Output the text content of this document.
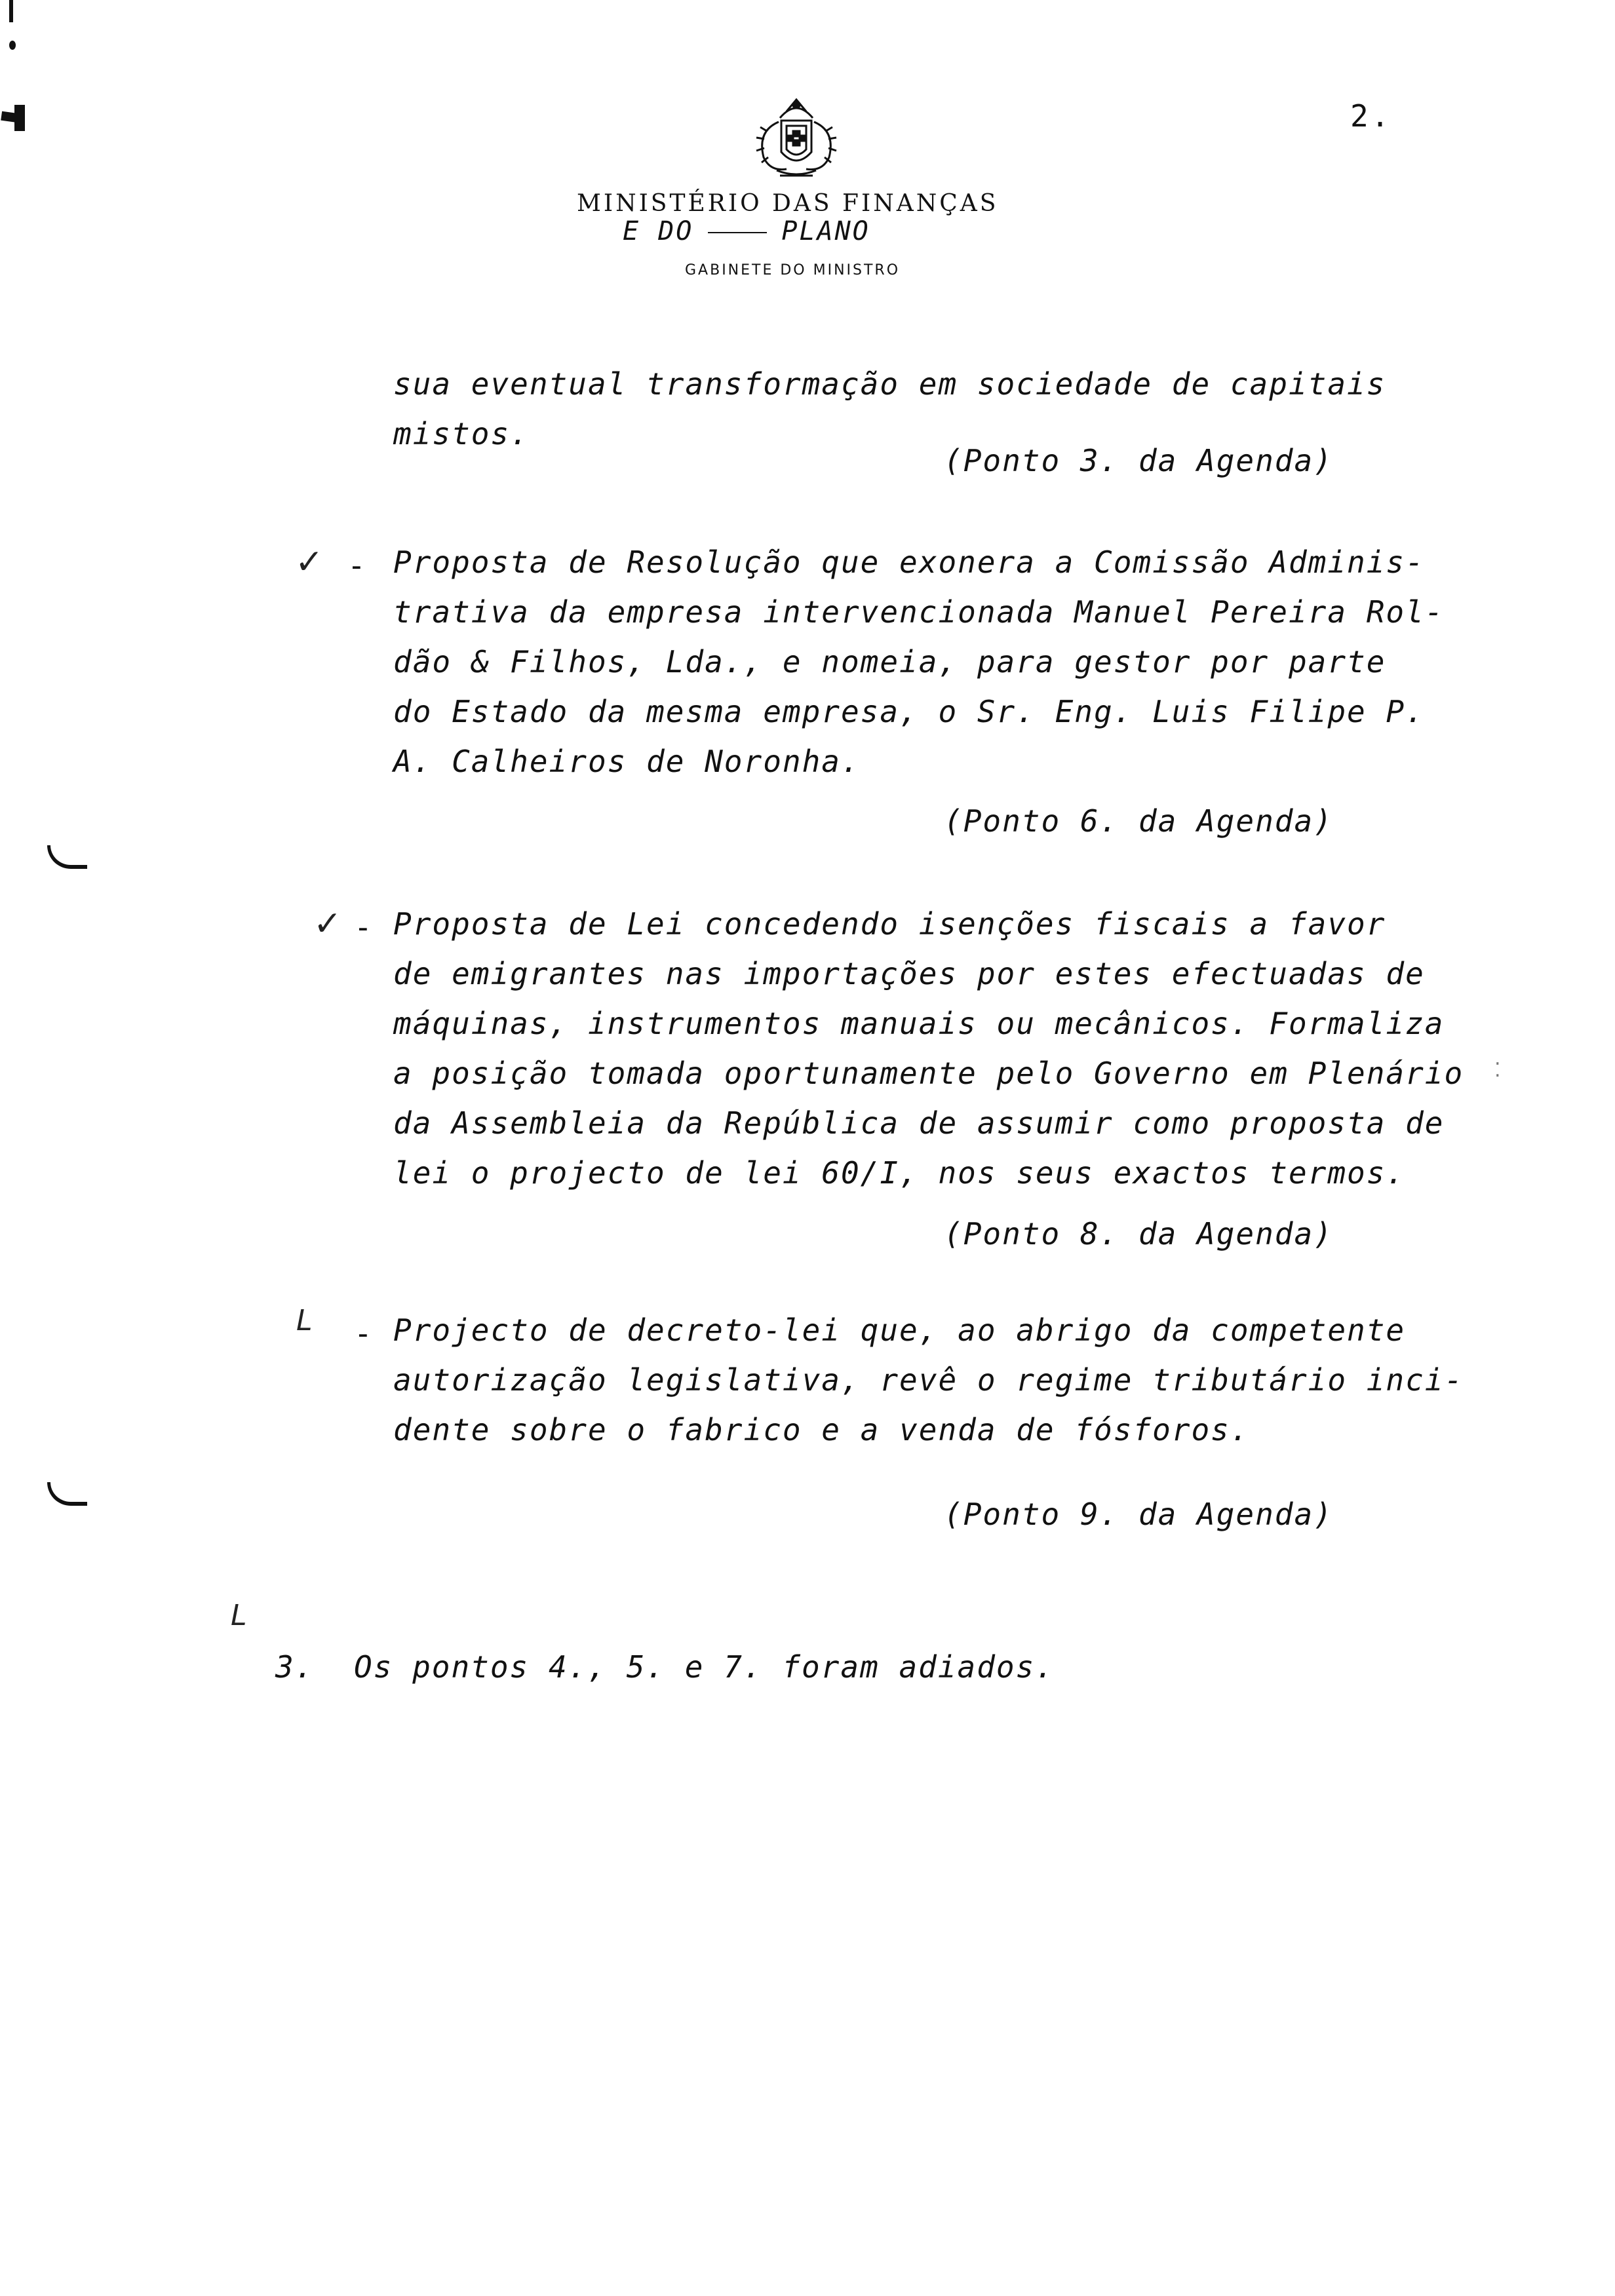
2.
MINISTÉRIO DAS FINANÇAS
E DO	PLANO
GABINETE DO MINISTRO
sua eventual transformação em sociedade de capitais
mistos.
(Ponto 3. da Agenda)
✓ - Proposta de Resolução que exonera a Comissão Adminis-
trativa da empresa intervencionada Manuel Pereira Rol-
dão & Filhos, Lda., e nomeia, para gestor por parte
do Estado da mesma empresa, o Sr. Eng. Luis Filipe P.
A. Calheiros de Noronha.
(Ponto 6. da Agenda)
✓ - Proposta de Lei concedendo isenções fiscais a favor
de emigrantes nas importações por estes efectuadas de
máquinas, instrumentos manuais ou mecânicos. Formaliza
a posição tomada oportunamente pelo Governo em Plenário
da Assembleia da República de assumir como proposta de
lei o projecto de lei 60/I, nos seus exactos termos.
⁚
(Ponto 8. da Agenda)
L - Projecto de decreto-lei que, ao abrigo da competente
autorização legislativa, revê o regime tributário inci-
dente sobre o fabrico e a venda de fósforos.
(Ponto 9. da Agenda)
L
3. Os pontos 4., 5. e 7. foram adiados.
